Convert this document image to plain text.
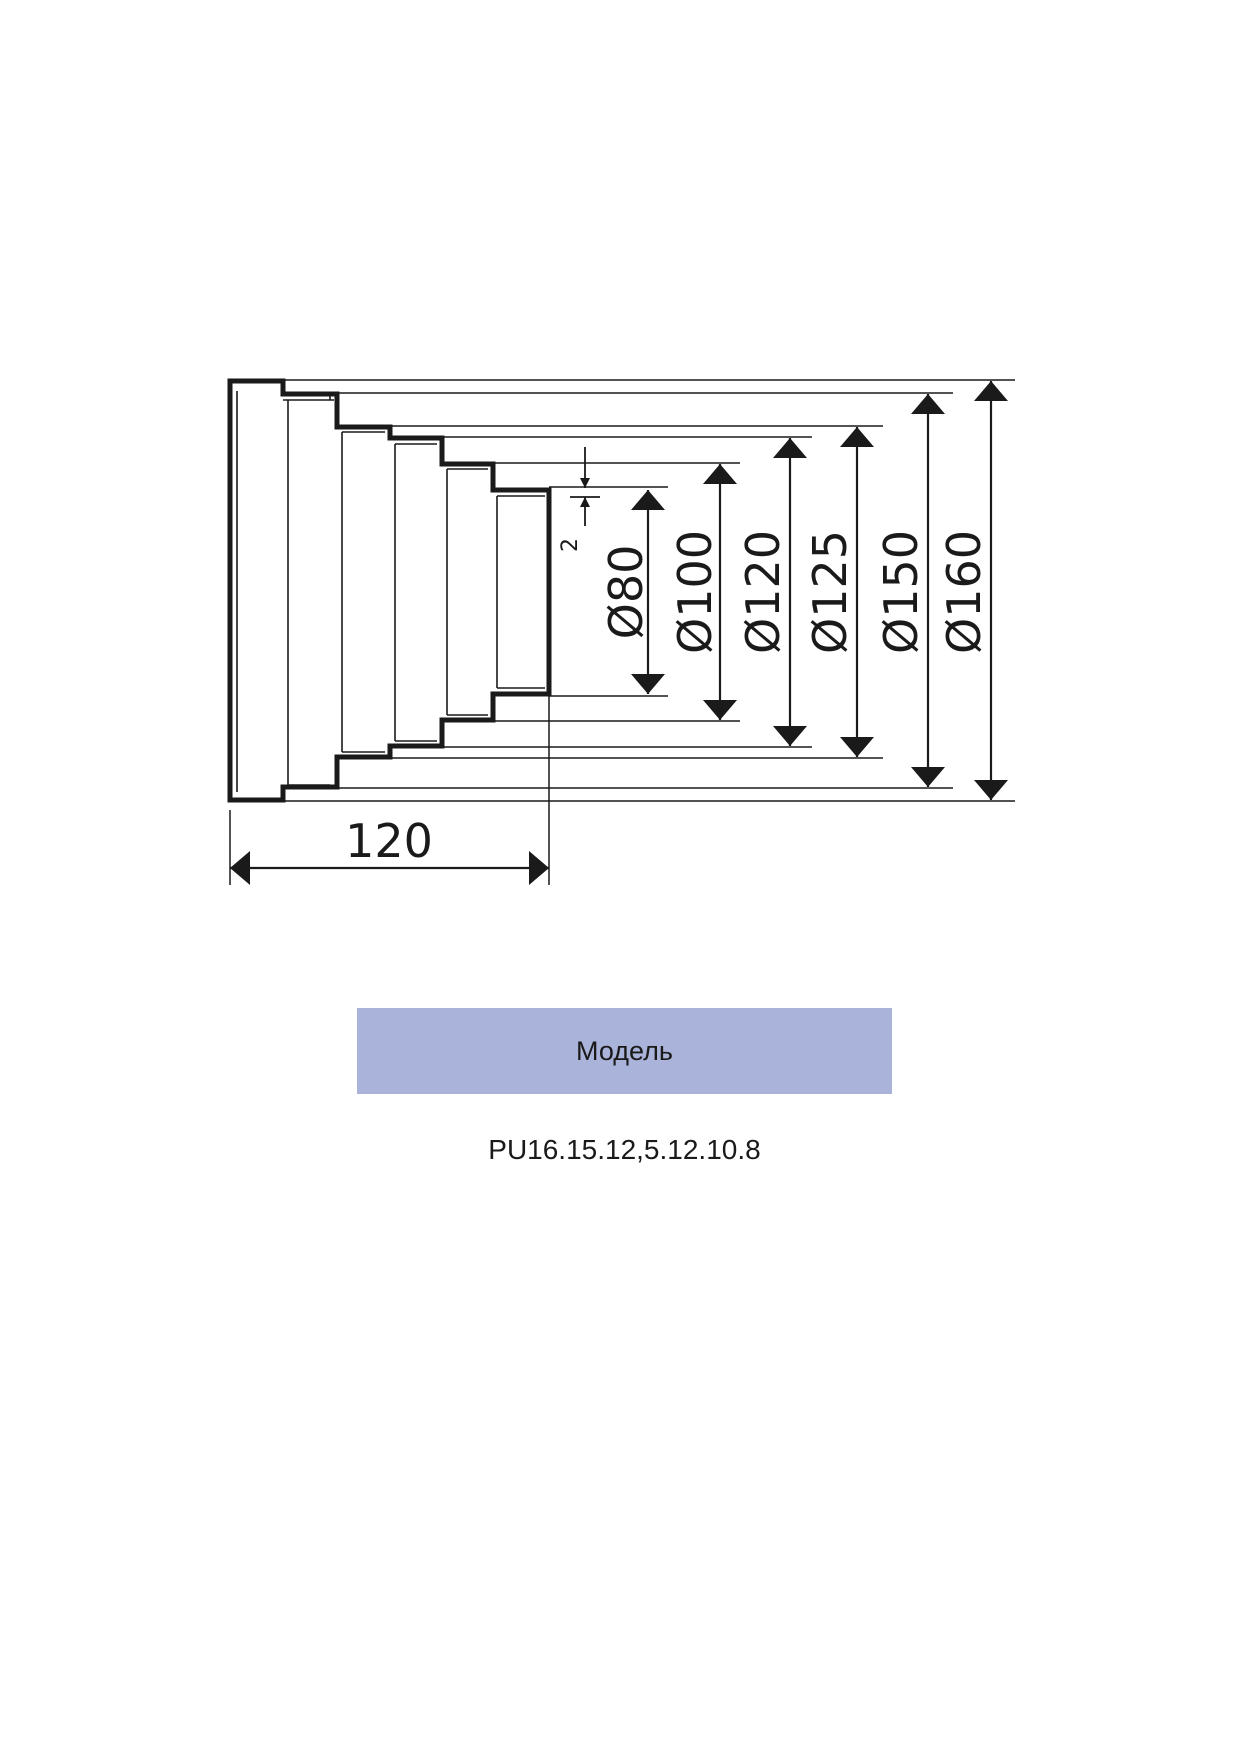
120
2 Ø80 Ø100 Ø120 Ø125 Ø150 Ø160
Модель
PU16.15.12,5.12.10.8
